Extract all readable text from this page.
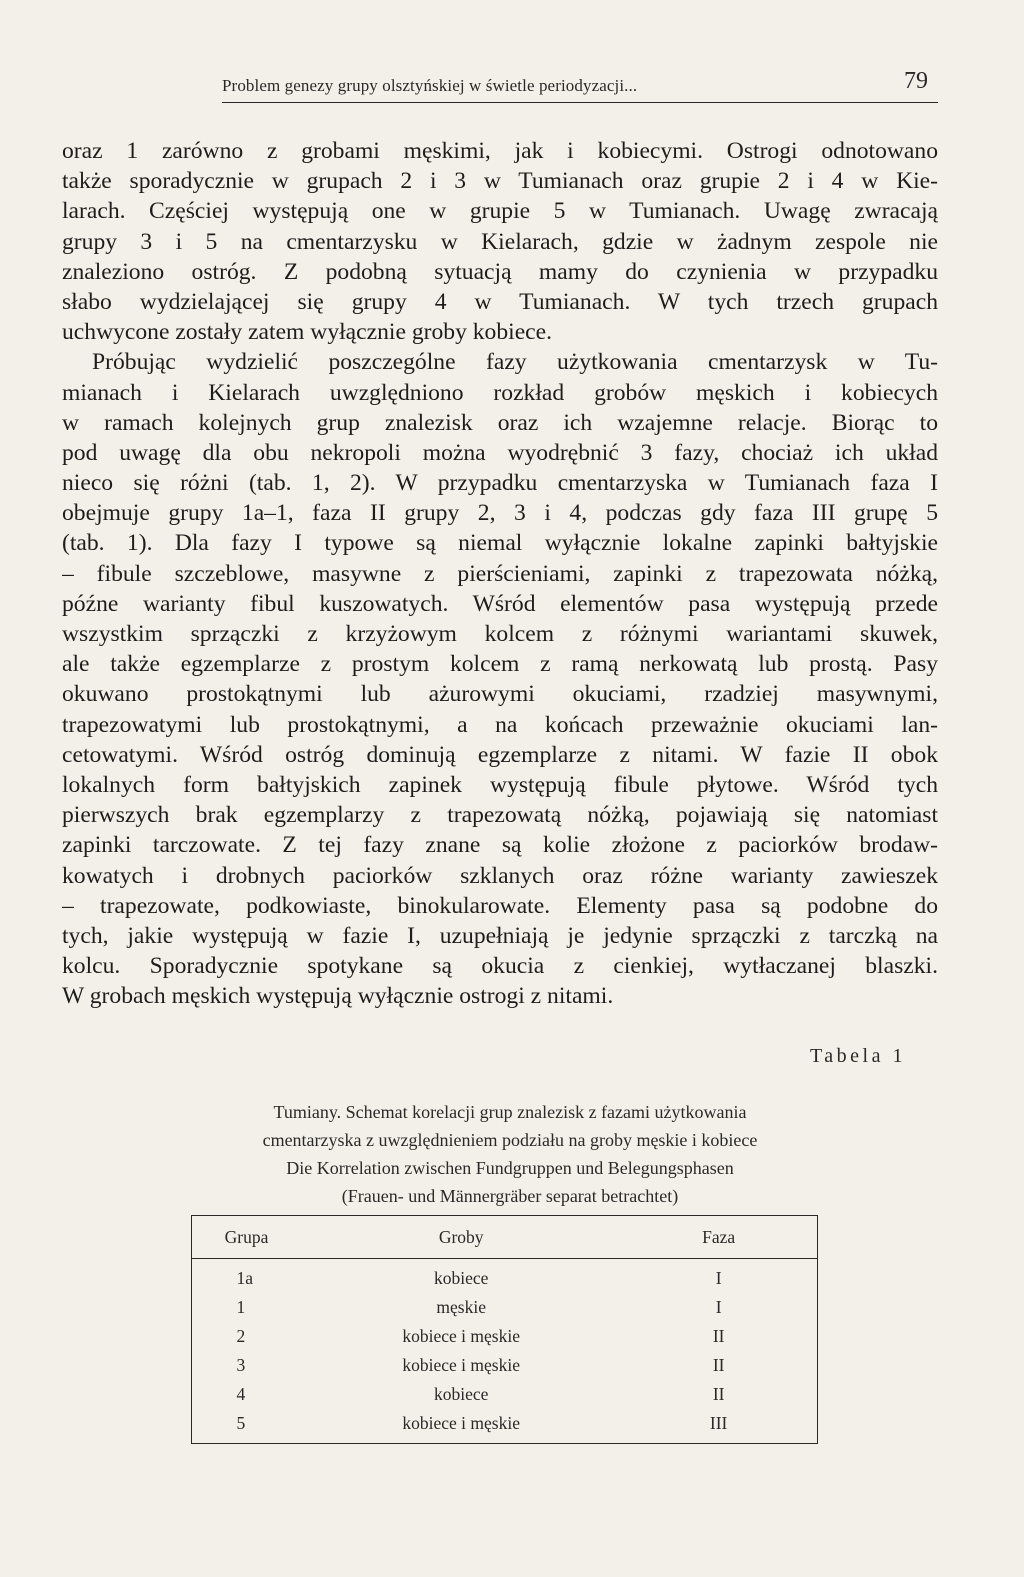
Problem genezy grupy olsztyńskiej w świetle periodyzacji...	79
oraz 1 zarówno z grobami męskimi, jak i kobiecymi. Ostrogi odnotowano
także sporadycznie w grupach 2 i 3 w Tumianach oraz grupie 2 i 4 w Kie-
larach. Częściej występują one w grupie 5 w Tumianach. Uwagę zwracają
grupy 3 i 5 na cmentarzysku w Kielarach, gdzie w żadnym zespole nie
znaleziono ostróg. Z podobną sytuacją mamy do czynienia w przypadku
słabo wydzielającej się grupy 4 w Tumianach. W tych trzech grupach
uchwycone zostały zatem wyłącznie groby kobiece.
Próbując wydzielić poszczególne fazy użytkowania cmentarzysk w Tu-
mianach i Kielarach uwzględniono rozkład grobów męskich i kobiecych
w ramach kolejnych grup znalezisk oraz ich wzajemne relacje. Biorąc to
pod uwagę dla obu nekropoli można wyodrębnić 3 fazy, chociaż ich układ
nieco się różni (tab. 1, 2). W przypadku cmentarzyska w Tumianach faza I
obejmuje grupy 1a–1, faza II grupy 2, 3 i 4, podczas gdy faza III grupę 5
(tab. 1). Dla fazy I typowe są niemal wyłącznie lokalne zapinki bałtyjskie
– fibule szczeblowe, masywne z pierścieniami, zapinki z trapezowata nóżką,
późne warianty fibul kuszowatych. Wśród elementów pasa występują przede
wszystkim sprzączki z krzyżowym kolcem z różnymi wariantami skuwek,
ale także egzemplarze z prostym kolcem z ramą nerkowatą lub prostą. Pasy
okuwano prostokątnymi lub ażurowymi okuciami, rzadziej masywnymi,
trapezowatymi lub prostokątnymi, a na końcach przeważnie okuciami lan-
cetowatymi. Wśród ostróg dominują egzemplarze z nitami. W fazie II obok
lokalnych form bałtyjskich zapinek występują fibule płytowe. Wśród tych
pierwszych brak egzemplarzy z trapezowatą nóżką, pojawiają się natomiast
zapinki tarczowate. Z tej fazy znane są kolie złożone z paciorków brodaw-
kowatych i drobnych paciorków szklanych oraz różne warianty zawieszek
– trapezowate, podkowiaste, binokularowate. Elementy pasa są podobne do
tych, jakie występują w fazie I, uzupełniają je jedynie sprzączki z tarczką na
kolcu. Sporadycznie spotykane są okucia z cienkiej, wytłaczanej blaszki.
W grobach męskich występują wyłącznie ostrogi z nitami.
Tabela 1
Tumiany. Schemat korelacji grup znalezisk z fazami użytkowania
cmentarzyska z uwzględnieniem podziału na groby męskie i kobiece
Die Korrelation zwischen Fundgruppen und Belegungsphasen
(Frauen- und Männergräber separat betrachtet)
Grupa	Groby	Faza
1a	kobiece	I
1	męskie	I
2	kobiece i męskie	II
3	kobiece i męskie	II
4	kobiece	II
5	kobiece i męskie	III
